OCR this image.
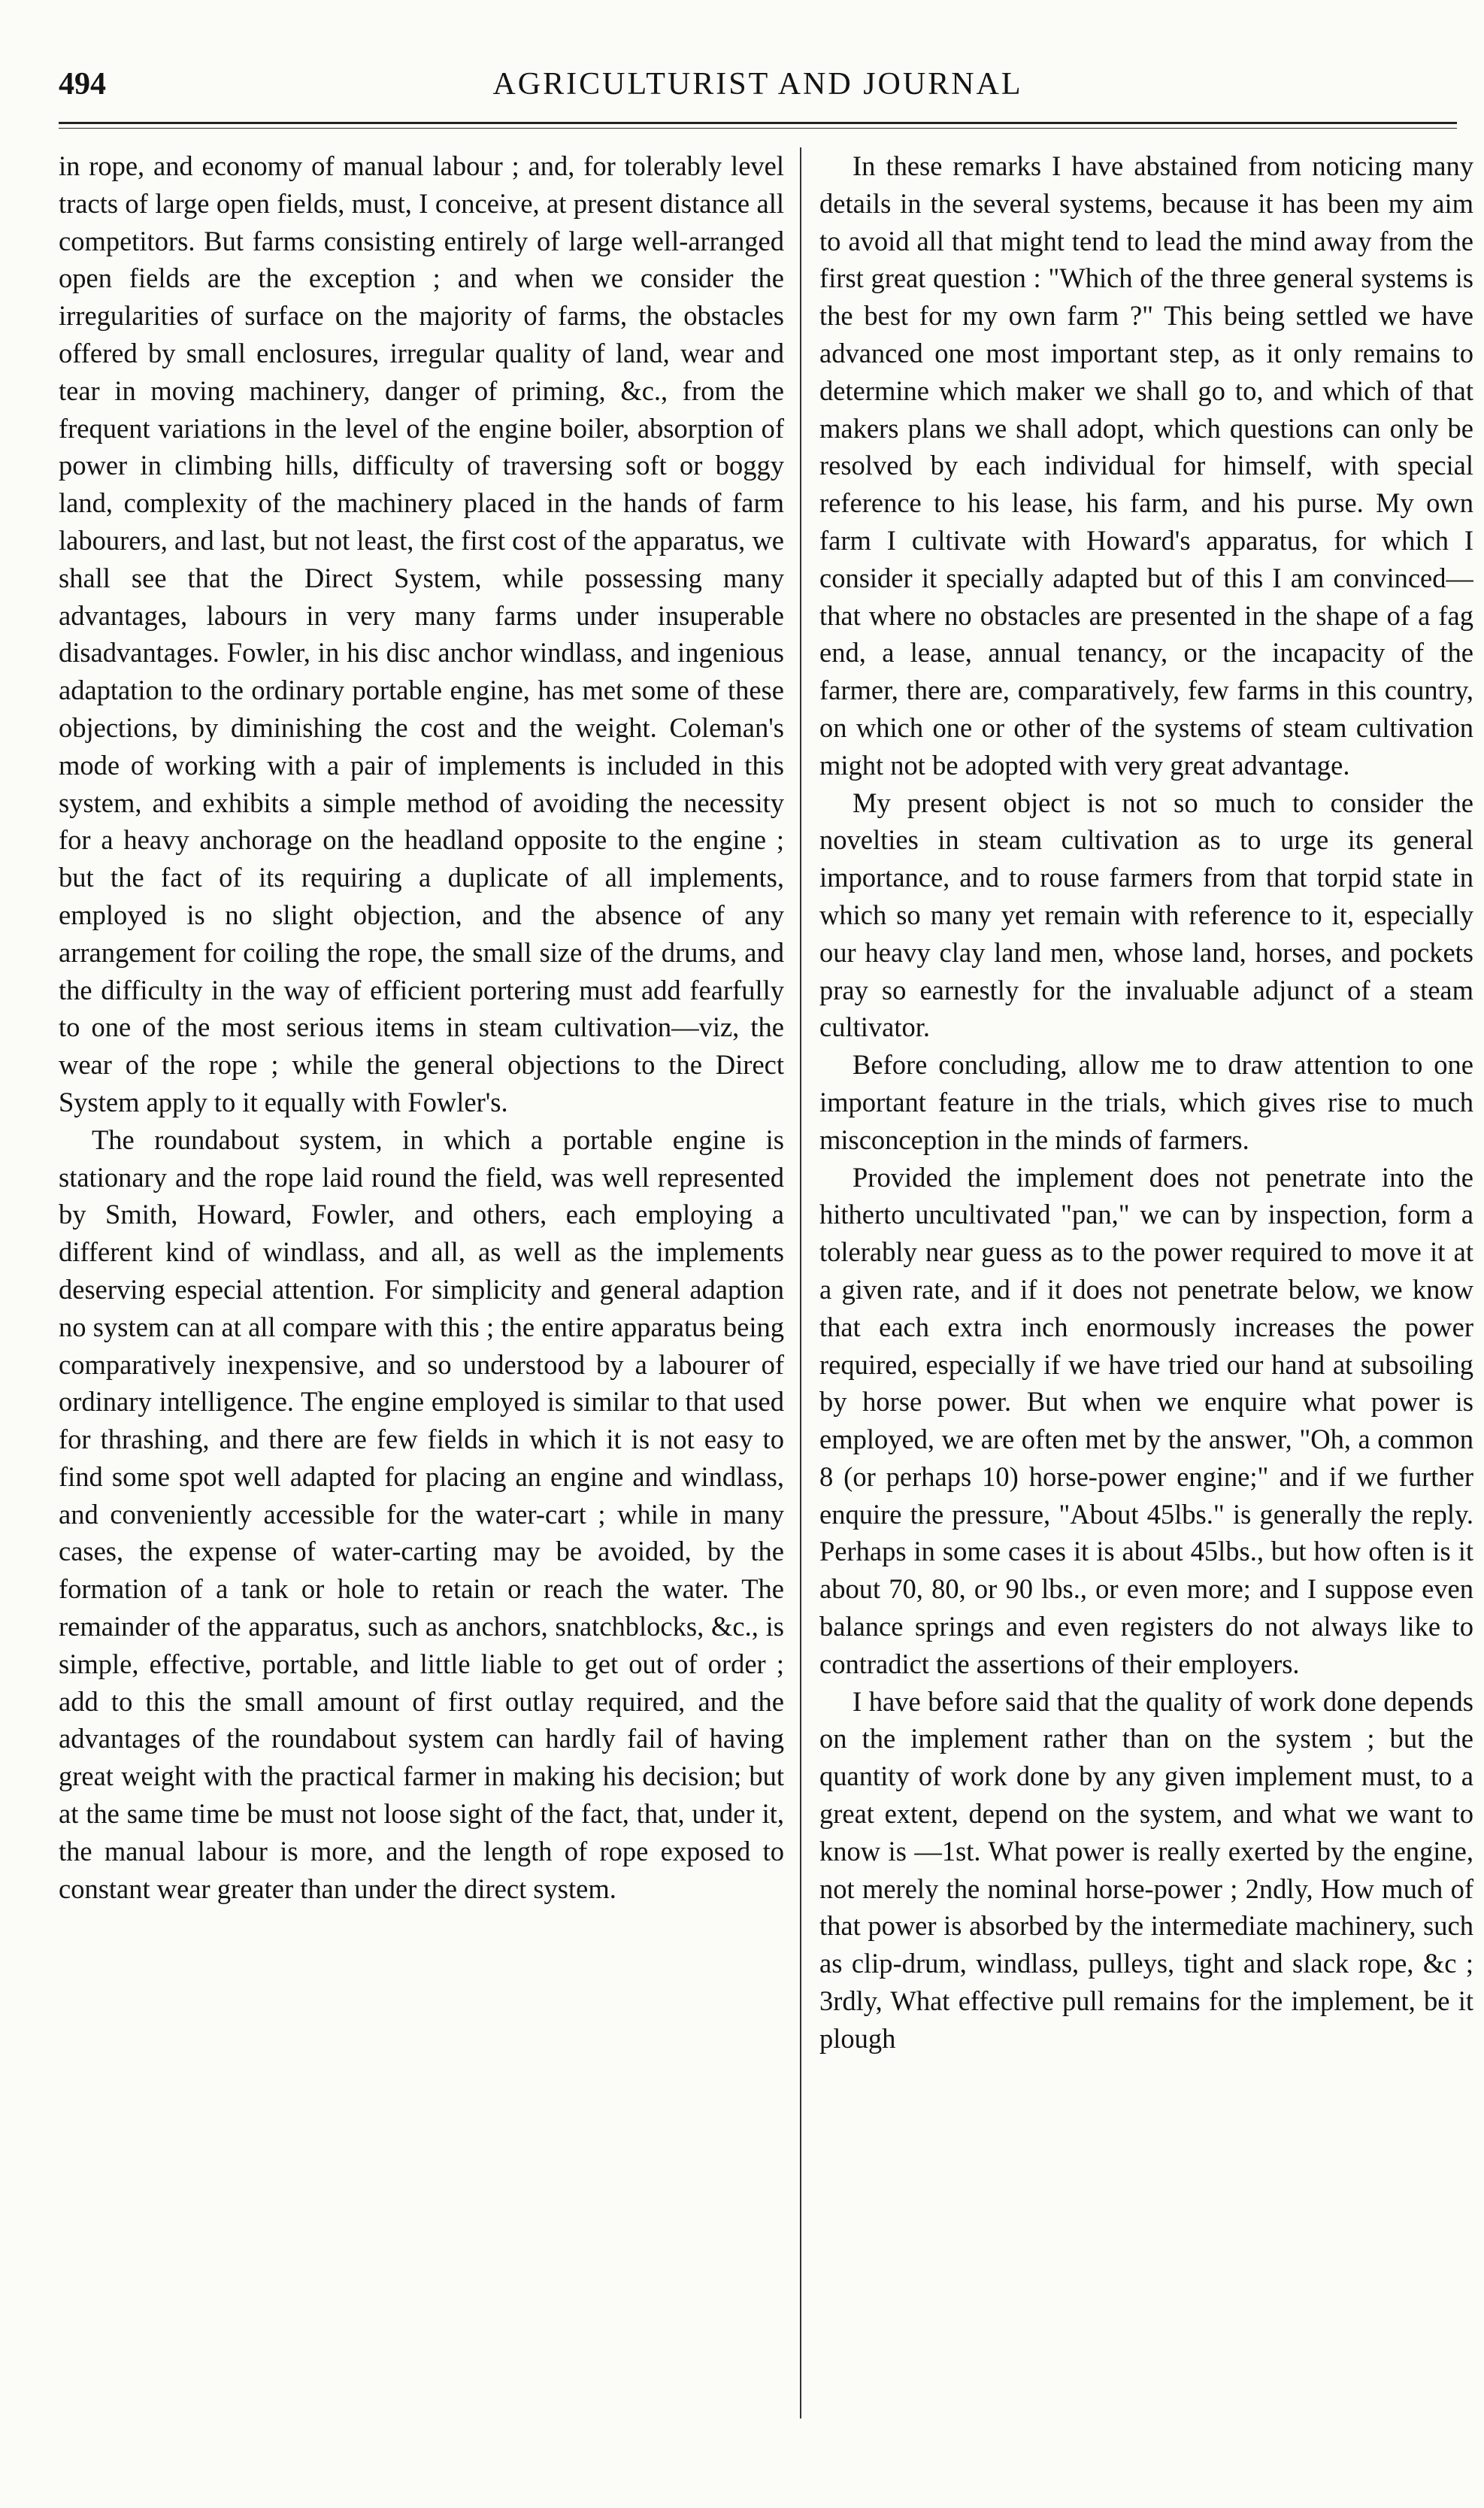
494	AGRICULTURIST AND JOURNAL

in rope, and economy of manual labour ; and, for tolerably level tracts of large open fields, must, I conceive, at present distance all competitors. But farms consisting entirely of large well-arranged open fields are the exception ; and when we consider the irregularities of surface on the majority of farms, the obstacles offered by small enclosures, irregular quality of land, wear and tear in moving machinery, danger of priming, &c., from the frequent variations in the level of the engine boiler, absorption of power in climbing hills, difficulty of traversing soft or boggy land, complexity of the machinery placed in the hands of farm labourers, and last, but not least, the first cost of the apparatus, we shall see that the Direct System, while possessing many advantages, labours in very many farms under insuperable disadvantages. Fowler, in his disc anchor windlass, and ingenious adaptation to the ordinary portable engine, has met some of these objections, by diminishing the cost and the weight. Coleman's mode of working with a pair of implements is included in this system, and exhibits a simple method of avoiding the necessity for a heavy anchorage on the headland opposite to the engine ; but the fact of its requiring a duplicate of all implements, employed is no slight objection, and the absence of any arrangement for coiling the rope, the small size of the drums, and the difficulty in the way of efficient portering must add fearfully to one of the most serious items in steam cultivation—viz, the wear of the rope ; while the general objections to the Direct System apply to it equally with Fowler's.

The roundabout system, in which a portable engine is stationary and the rope laid round the field, was well represented by Smith, Howard, Fowler, and others, each employing a different kind of windlass, and all, as well as the implements deserving especial attention. For simplicity and general adaption no system can at all compare with this ; the entire apparatus being comparatively inexpensive, and so understood by a labourer of ordinary intelligence. The engine employed is similar to that used for thrashing, and there are few fields in which it is not easy to find some spot well adapted for placing an engine and windlass, and conveniently accessible for the water-cart ; while in many cases, the expense of water-carting may be avoided, by the formation of a tank or hole to retain or reach the water. The remainder of the apparatus, such as anchors, snatchblocks, &c., is simple, effective, portable, and little liable to get out of order ; add to this the small amount of first outlay required, and the advantages of the roundabout system can hardly fail of having great weight with the practical farmer in making his decision; but at the same time be must not loose sight of the fact, that, under it, the manual labour is more, and the length of rope exposed to constant wear greater than under the direct system.

In these remarks I have abstained from noticing many details in the several systems, because it has been my aim to avoid all that might tend to lead the mind away from the first great question : "Which of the three general systems is the best for my own farm ?" This being settled we have advanced one most important step, as it only remains to determine which maker we shall go to, and which of that makers plans we shall adopt, which questions can only be resolved by each individual for himself, with special reference to his lease, his farm, and his purse. My own farm I cultivate with Howard's apparatus, for which I consider it specially adapted but of this I am convinced—that where no obstacles are presented in the shape of a fag end, a lease, annual tenancy, or the incapacity of the farmer, there are, comparatively, few farms in this country, on which one or other of the systems of steam cultivation might not be adopted with very great advantage.

My present object is not so much to consider the novelties in steam cultivation as to urge its general importance, and to rouse farmers from that torpid state in which so many yet remain with reference to it, especially our heavy clay land men, whose land, horses, and pockets pray so earnestly for the invaluable adjunct of a steam cultivator.

Before concluding, allow me to draw attention to one important feature in the trials, which gives rise to much misconception in the minds of farmers.

Provided the implement does not penetrate into the hitherto uncultivated "pan," we can by inspection, form a tolerably near guess as to the power required to move it at a given rate, and if it does not penetrate below, we know that each extra inch enormously increases the power required, especially if we have tried our hand at subsoiling by horse power. But when we enquire what power is employed, we are often met by the answer, "Oh, a common 8 (or perhaps 10) horse-power engine;" and if we further enquire the pressure, "About 45lbs." is generally the reply. Perhaps in some cases it is about 45lbs., but how often is it about 70, 80, or 90 lbs., or even more; and I suppose even balance springs and even registers do not always like to contradict the assertions of their employers.

I have before said that the quality of work done depends on the implement rather than on the system ; but the quantity of work done by any given implement must, to a great extent, depend on the system, and what we want to know is —1st. What power is really exerted by the engine, not merely the nominal horse-power ; 2ndly, How much of that power is absorbed by the intermediate machinery, such as clip-drum, windlass, pulleys, tight and slack rope, &c ; 3rdly, What effective pull remains for the implement, be it plough
